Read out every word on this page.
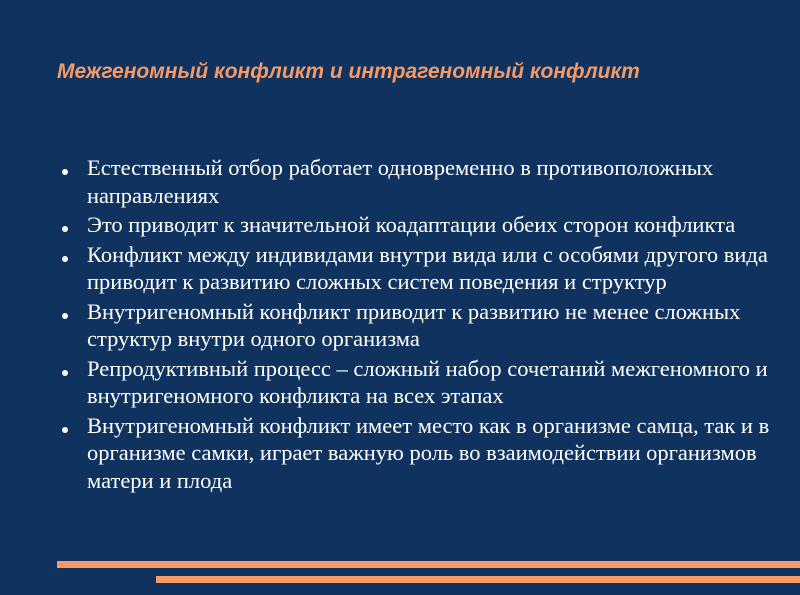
Межгеномный конфликт и интрагеномный конфликт
Естественный отбор работает одновременно в противоположных направлениях
Это приводит к значительной коадаптации обеих сторон конфликта
Конфликт между индивидами внутри вида или с особями другого вида приводит к развитию сложных систем поведения и структур
Внутригеномный конфликт приводит к развитию не менее сложных структур внутри одного организма
Репродуктивный процесс – сложный набор сочетаний межгеномного и внутригеномного конфликта на всех этапах
Внутригеномный конфликт имеет место как в организме самца, так и в организме самки, играет важную роль во взаимодействии организмов матери и плода
